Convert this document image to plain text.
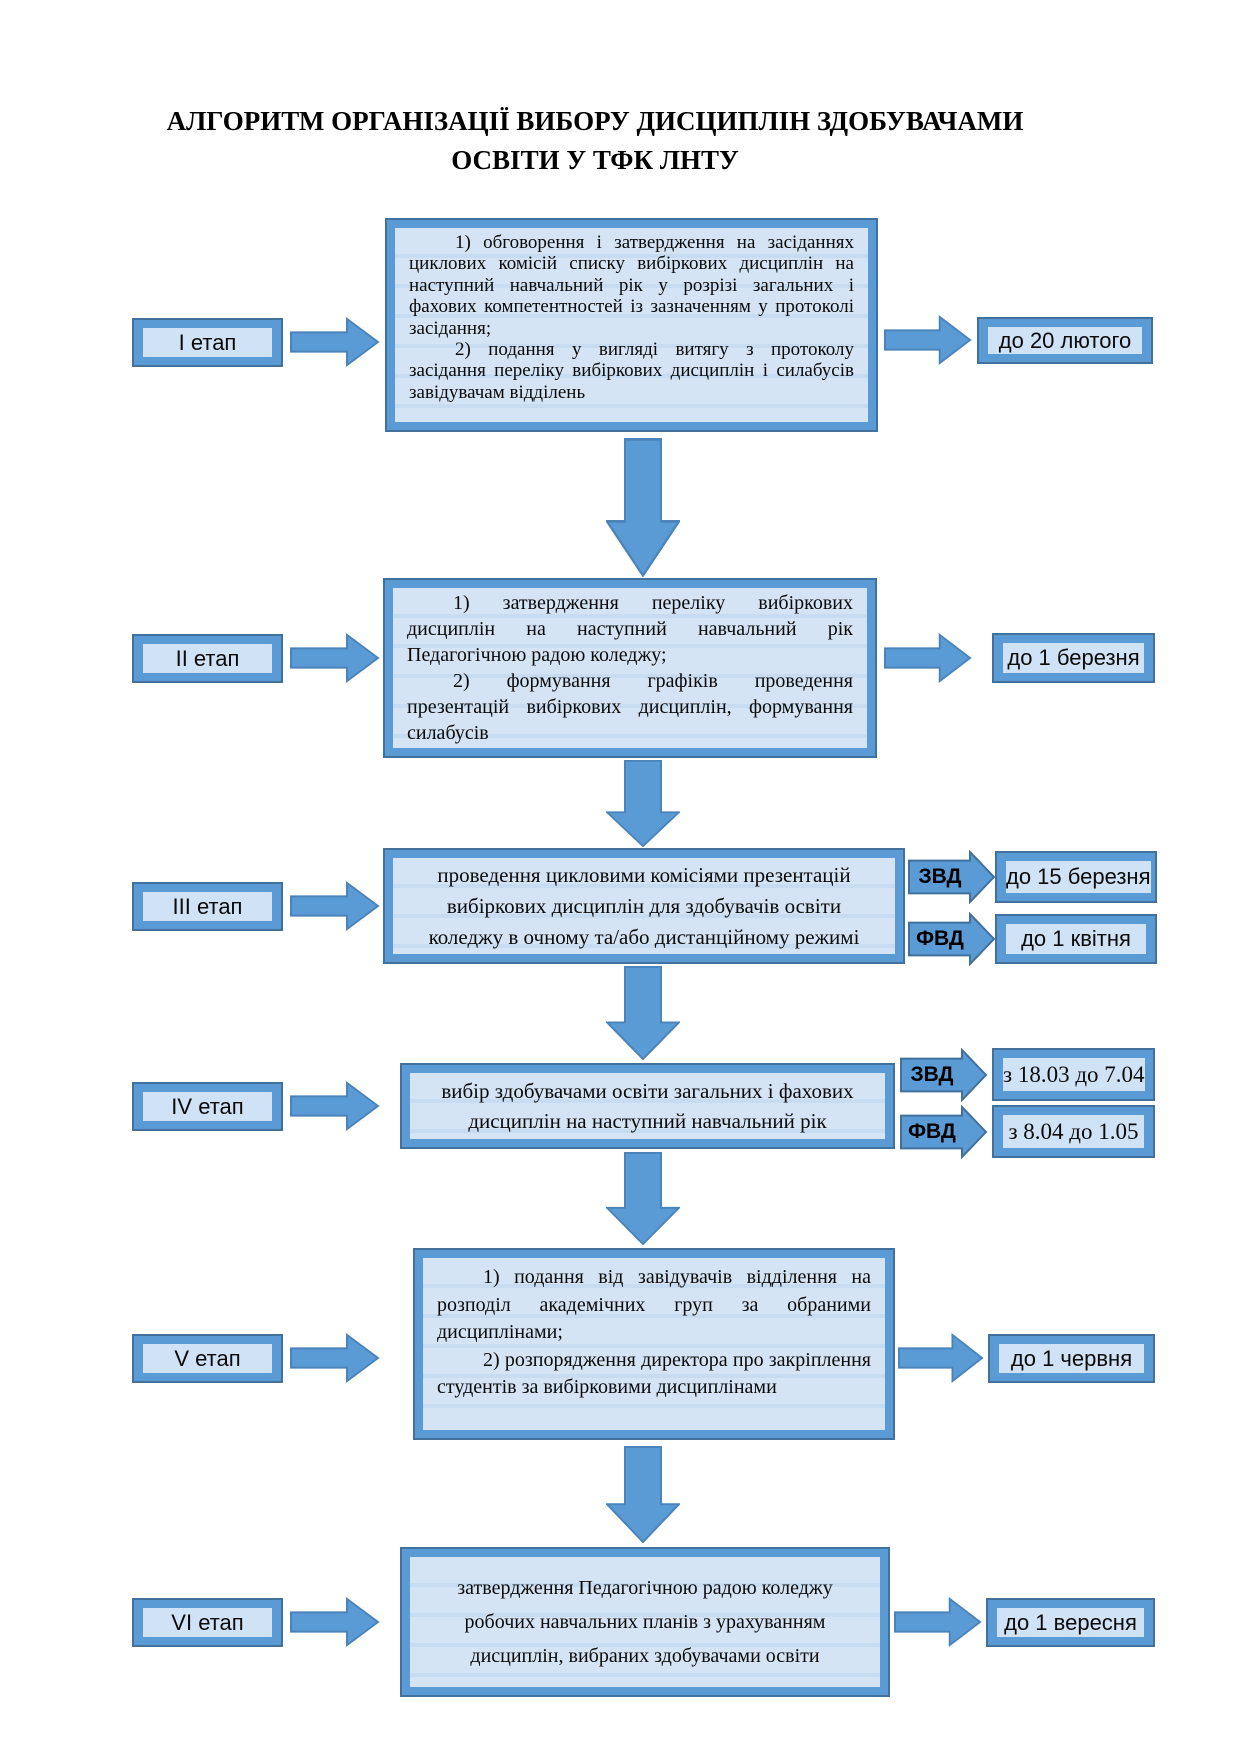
АЛГОРИТМ ОРГАНІЗАЦІЇ ВИБОРУ ДИСЦИПЛІН ЗДОБУВАЧАМИ
ОСВІТИ У ТФК ЛНТУ
I етап

1) обговорення і затвердження на засіданнях циклових комісій списку вибіркових дисциплін на наступний навчальний рік у розрізі загальних і фахових компетентностей із зазначенням у протоколі засідання;

2) подання у вигляді витягу з протоколу засідання переліку вибіркових дисциплін і силабусів завідувачам відділень

до 20 лютого
II етап

1) затвердження переліку вибіркових дисциплін на наступний навчальний рік Педагогічною радою коледжу;

2) формування графіків проведення презентацій вибіркових дисциплін, формування силабусів

до 1 березня
III етап

проведення цикловими комісіями презентацій вибіркових дисциплін для здобувачів освіти коледжу в очному та/або дистанційному режимі

ЗВД	до 15 березня
ФВД	до 1 квітня
IV етап

вибір здобувачами освіти загальних і фахових дисциплін на наступний навчальний рік

ЗВД	з 18.03 до 7.04
ФВД з 8.04 до 1.05
V етап

1) подання від завідувачів відділення на розподіл академічних груп за обраними дисциплінами;

2) розпорядження директора про закріплення студентів за вибірковими дисциплінами

до 1 червня
VI етап

затвердження Педагогічною радою коледжу робочих навчальних планів з урахуванням дисциплін, вибраних здобувачами освіти

до 1 вересня
